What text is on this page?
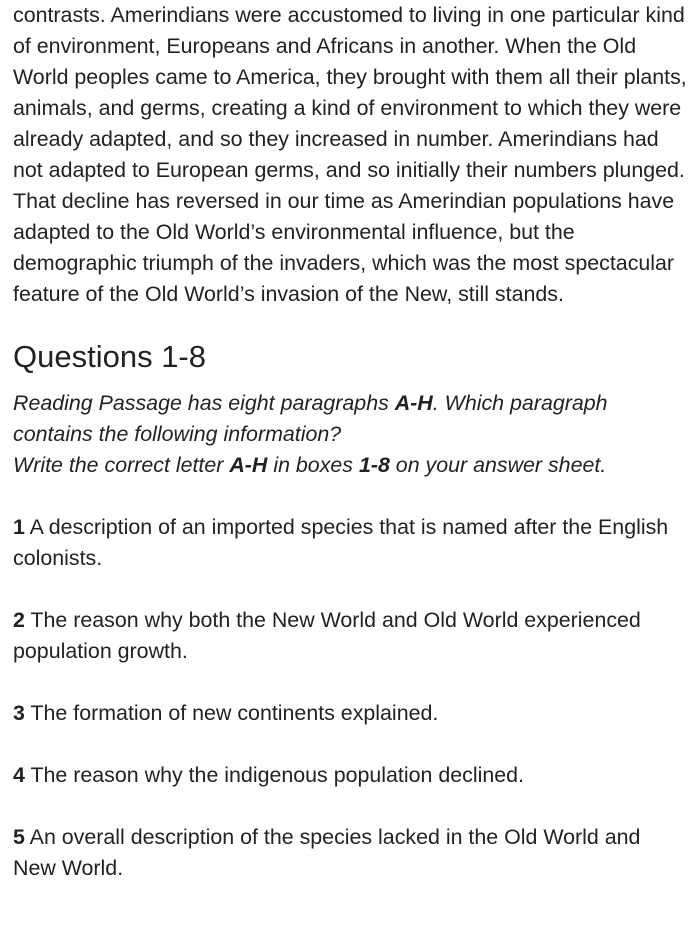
contrasts. Amerindians were accustomed to living in one particular kind of environment, Europeans and Africans in another. When the Old World peoples came to America, they brought with them all their plants, animals, and germs, creating a kind of environment to which they were already adapted, and so they increased in number. Amerindians had not adapted to European germs, and so initially their numbers plunged. That decline has reversed in our time as Amerindian populations have adapted to the Old World’s environmental influence, but the demographic triumph of the invaders, which was the most spectacular feature of the Old World’s invasion of the New, still stands.

Questions 1-8

Reading Passage has eight paragraphs A-H. Which paragraph contains the following information?
Write the correct letter A-H in boxes 1-8 on your answer sheet.

1 A description of an imported species that is named after the English colonists.

2 The reason why both the New World and Old World experienced population growth.

3 The formation of new continents explained.

4 The reason why the indigenous population declined.

5 An overall description of the species lacked in the Old World and New World.
